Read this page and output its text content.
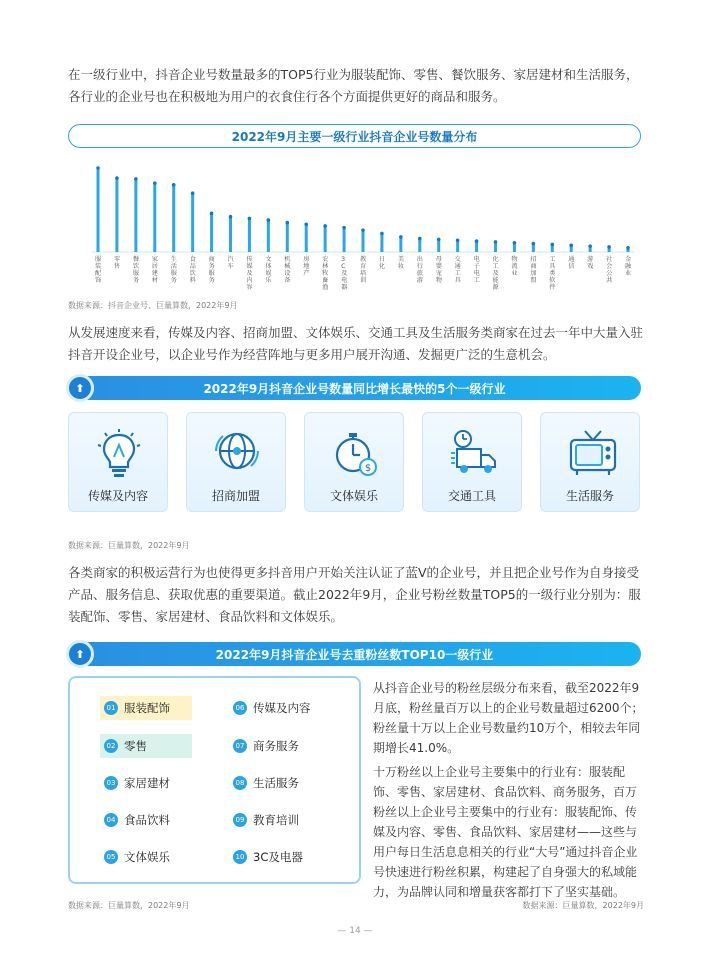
在一级行业中，抖音企业号数量最多的TOP5行业为服装配饰、零售、餐饮服务、家居建材和生活服务，各行业的企业号也在积极地为用户的衣食住行各个方面提供更好的商品和服务。

2022年9月主要一级行业抖音企业号数量分布
服装配饰
零售
餐饮服务
家居建材
生活服务
食品饮料
商务服务
汽车
传媒及内容
文体娱乐
机械设备
房地产
农林牧畜渔
3 C 及电器
教育培训
日化
美妆
出行旅游
母婴宠物
交通工具
电子电工
化工及能源
物流业
招商加盟
工具类软件
通信
游戏
社会公共
金融业
数据来源：抖音企业号、巨量算数，2022年9月

从发展速度来看，传媒及内容、招商加盟、文体娱乐、交通工具及生活服务类商家在过去一年中大量入驻抖音开设企业号，以企业号作为经营阵地与更多用户展开沟通、发掘更广泛的生意机会。

⬆	2022年9月抖音企业号数量同比增长最快的5个一级行业
传媒及内容	招商加盟
$
文体娱乐	交通工具	生活服务
数据来源：巨量算数，2022年9月

各类商家的积极运营行为也使得更多抖音用户开始关注认证了蓝V的企业号，并且把企业号作为自身接受产品、服务信息、获取优惠的重要渠道。截止2022年9月，企业号粉丝数量TOP5的一级行业分别为：服装配饰、零售、家居建材、食品饮料和文体娱乐。

⬆	2022年9月抖音企业号去重粉丝数TOP10一级行业
01 服装配饰
02 零售
03 家居建材
04 食品饮料
05 文体娱乐
06 传媒及内容
07 商务服务
08 生活服务
09 教育培训
10 3C及电器

从抖音企业号的粉丝层级分布来看，截至2022年9月底，粉丝量百万以上的企业号数量超过6200个；粉丝量十万以上企业号数量约10万个，相较去年同期增长41.0%。

十万粉丝以上企业号主要集中的行业有：服装配饰、零售、家居建材、食品饮料、商务服务，百万粉丝以上企业号主要集中的行业有：服装配饰、传媒及内容、零售、食品饮料、家居建材——这些与用户每日生活息息相关的行业“大号”通过抖音企业号快速进行粉丝积累，构建起了自身强大的私域能力，为品牌认同和增量获客都打下了坚实基础。

数据来源：巨量算数，2022年9月	数据来源：巨量算数，2022年9月
— 14 —
